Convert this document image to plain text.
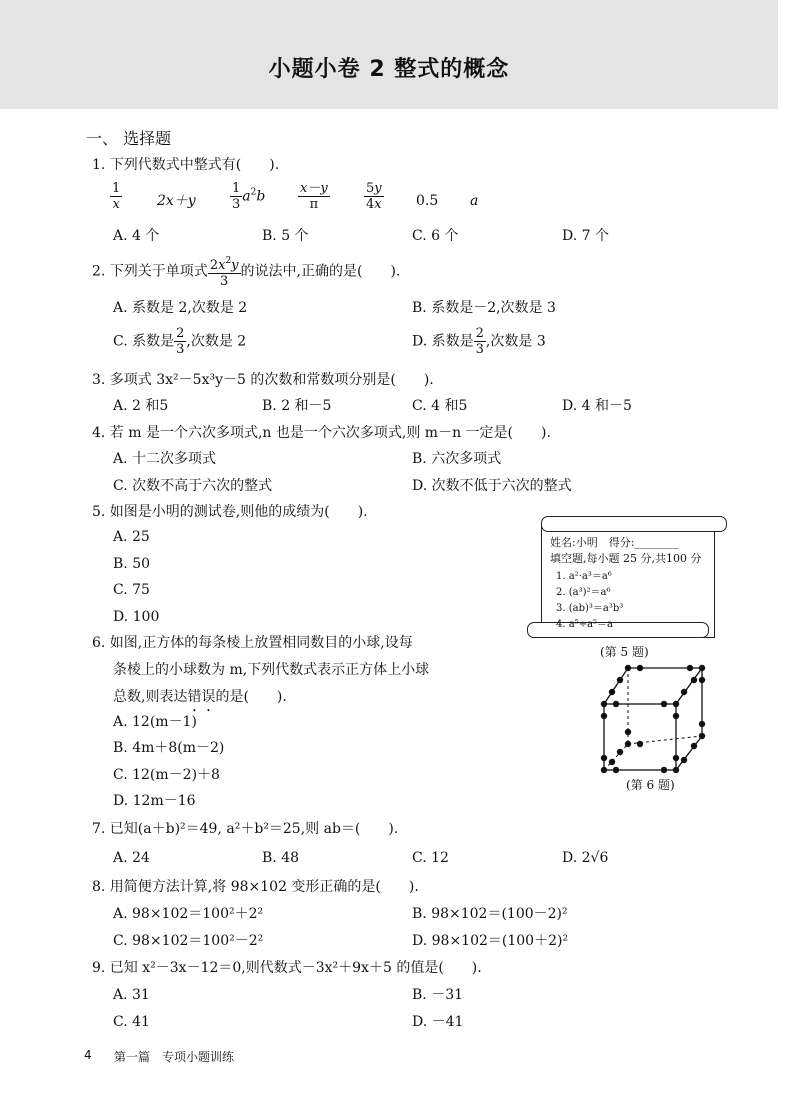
小题小卷 2 整式的概念
一、 选择题
1. 下列代数式中整式有(　　).
$\frac{1}{x} 2x+y$	$\frac{1}{3} a^2b$	$\frac{x-y}{\pi}$	$\frac{5y}{4x} 0.5$ a
A. 4 个	B. 5 个	C. 6 个	D. 7 个
2. 下列关于单项式 $\frac{2x^2y}{3}$ 的说法中,正确的是(　　).
A. 系数是 2,次数是 2	B. 系数是－2,次数是 3
C. 系数是 $\frac{2}{3}$ ,次数是 2	D. 系数是 $\frac{2}{3}$ ,次数是 3
3. 多项式 3x²－5x³y－5 的次数和常数项分别是(　　).
A. 2 和5	B. 2 和－5	C. 4 和5	D. 4 和－5
4. 若 m 是一个六次多项式,n 也是一个六次多项式,则 m－n 一定是(　　).
A. 十二次多项式	B. 六次多项式
C. 次数不高于六次的整式	D. 次数不低于六次的整式
5. 如图是小明的测试卷,则他的成绩为(　　).
A. 25
B. 50
C. 75
D. 100
姓名:小明　得分:________
填空题,每小题 25 分,共100 分
1. a²·a³＝a⁶
2. (a³)²＝a⁶
3. (ab)³＝a³b³
4. a⁵÷a⁵＝a
(第 5 题)
6. 如图,正方体的每条棱上放置相同数目的小球,设每
条棱上的小球数为 m,下列代数式表示正方体上小球
总数,则表达错误的是(　　).
A. 12(m－1)
B. 4m＋8(m－2)
C. 12(m－2)＋8
D. 12m－16
(第 6 题)
7. 已知(a＋b)²＝49, a²＋b²＝25,则 ab＝(　　).
A. 24	B. 48	C. 12	D. 2√6
8. 用简便方法计算,将 98×102 变形正确的是(　　).
A. 98×102＝100²＋2²	B. 98×102＝(100－2)²
C. 98×102＝100²－2²	D. 98×102＝(100＋2)²
9. 已知 x²－3x－12＝0,则代数式－3x²＋9x＋5 的值是(　　).
A. 31	B. －31
C. 41	D. －41
4 第一篇　专项小题训练
